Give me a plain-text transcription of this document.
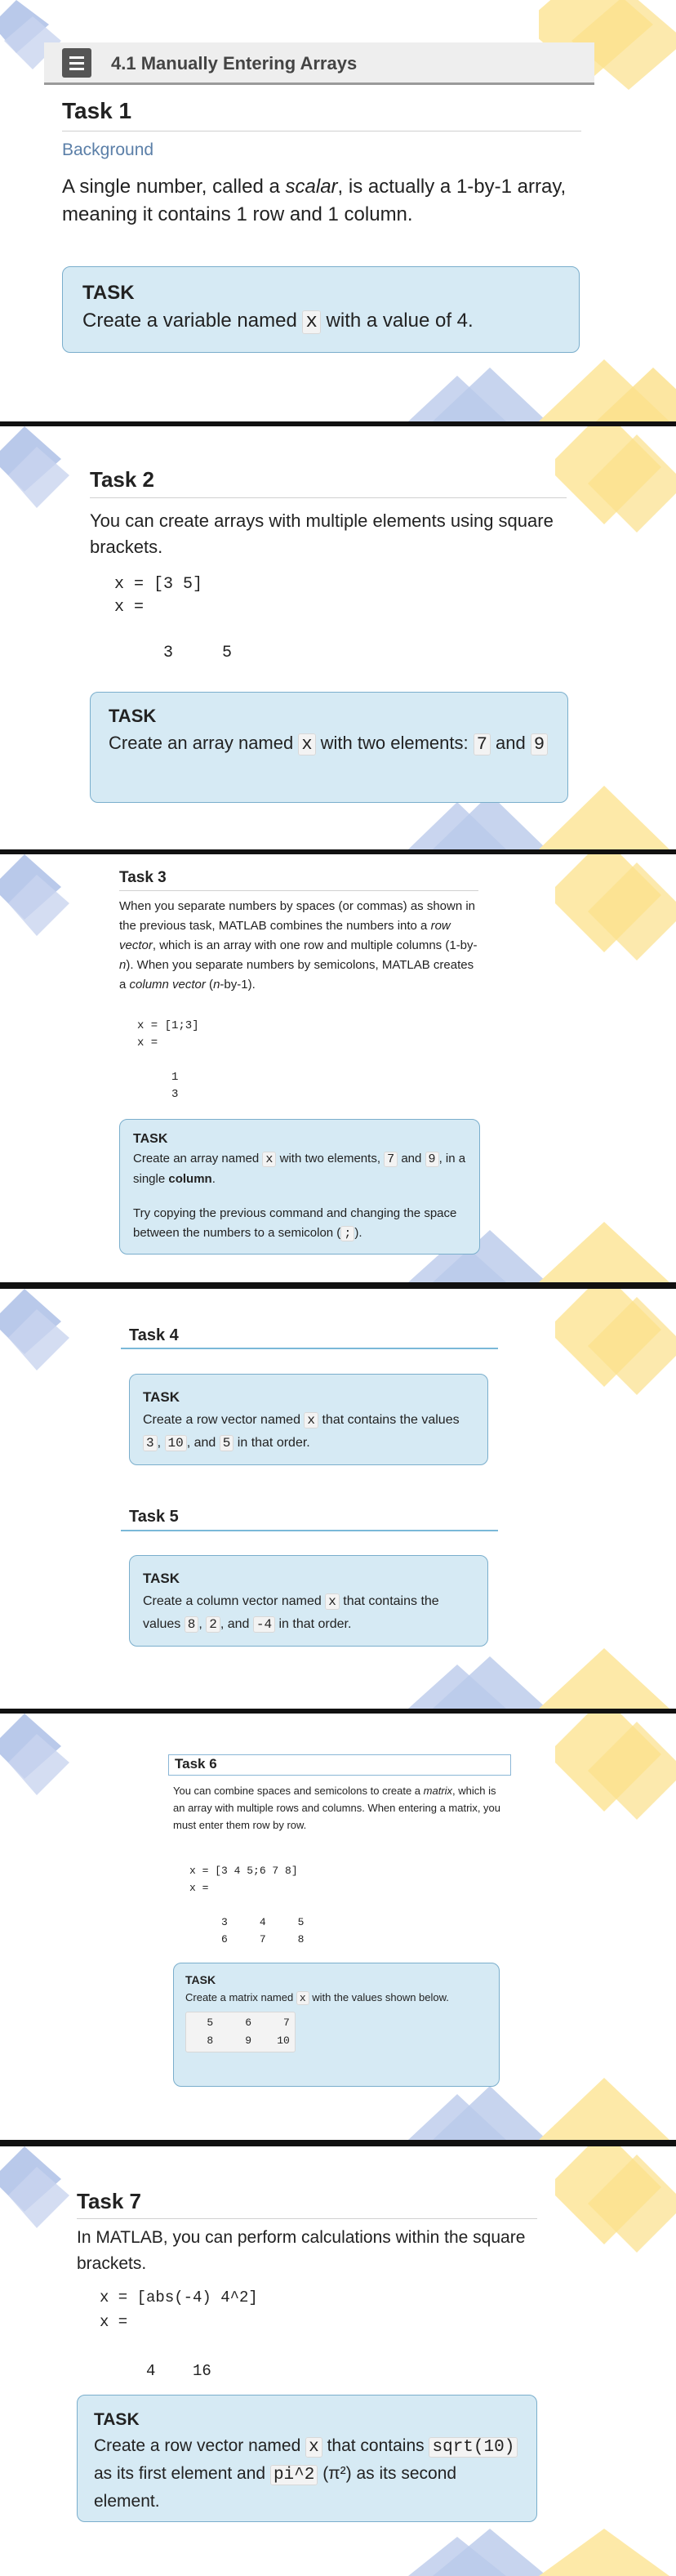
4.1 Manually Entering Arrays
Task 1
Background
A single number, called a scalar, is actually a 1-by-1 array, meaning it contains 1 row and 1 column.
TASK
Create a variable named x with a value of 4.
Task 2
You can create arrays with multiple elements using square brackets.
x = [3 5]
x =

3     5
TASK
Create an array named x with two elements: 7 and 9
Task 3
When you separate numbers by spaces (or commas) as shown in the previous task, MATLAB combines the numbers into a row vector, which is an array with one row and multiple columns (1-by-n). When you separate numbers by semicolons, MATLAB creates a column vector (n-by-1).
x = [1;3]
x =

1
3
TASK
Create an array named x with two elements, 7 and 9 , in a single column.
Try copying the previous command and changing the space between the numbers to a semicolon ( ; ).
Task 4
TASK
Create a row vector named x that contains the values 3 , 10 , and 5 in that order.
Task 5
TASK
Create a column vector named x that contains the values 8 , 2 , and -4 in that order.
Task 6
You can combine spaces and semicolons to create a matrix, which is an array with multiple rows and columns. When entering a matrix, you must enter them row by row.
x = [3 4 5;6 7 8]
x =

3     4     5
6     7     8
TASK
Create a matrix named x with the values shown below.
5     6     7
8     9    10
Task 7
In MATLAB, you can perform calculations within the square brackets.
x = [abs(-4) 4^2]
x =

4    16
TASK
Create a row vector named x that contains sqrt(10) as its first element and pi^2 (π²) as its second element.
